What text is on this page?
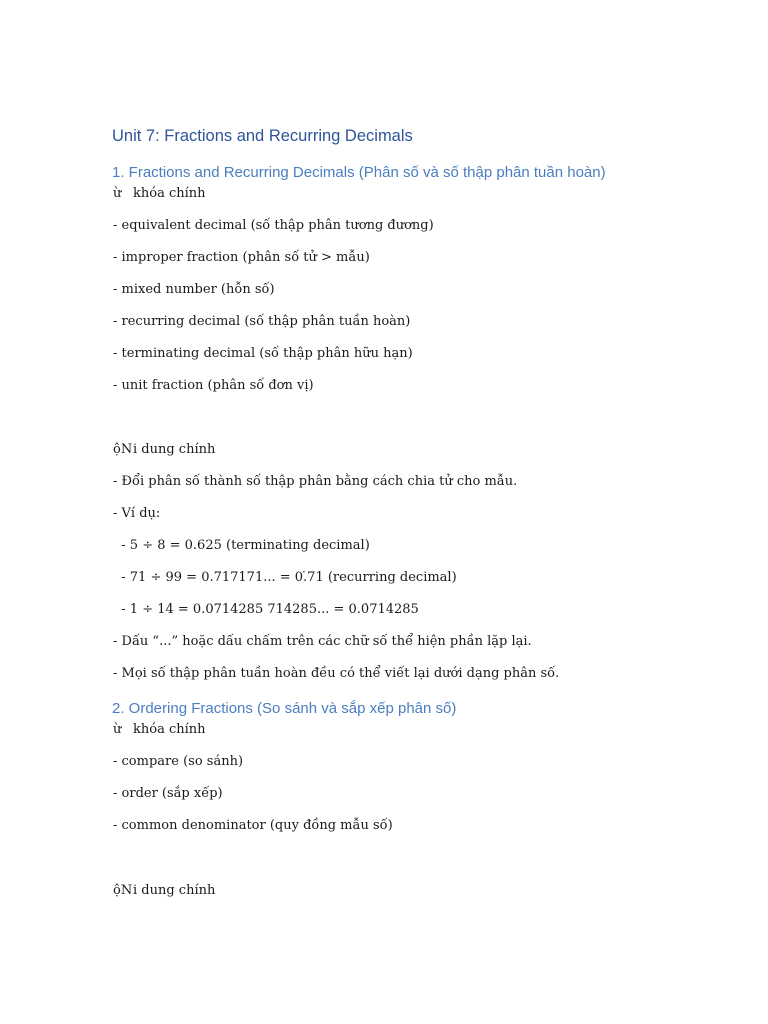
Unit 7: Fractions and Recurring Decimals
1. Fractions and Recurring Decimals (Phân số và số thập phân tuần hoàn)
ừ khóa chính
- equivalent decimal (số thập phân tương đương)
- improper fraction (phân số tử > mẫu)
- mixed number (hỗn số)
- recurring decimal (số thập phân tuần hoàn)
- terminating decimal (số thập phân hữu hạn)
- unit fraction (phân số đơn vị)
ộNi dung chính
- Đổi phân số thành số thập phân bằng cách chia tử cho mẫu.
- Ví dụ:
- 5 ÷ 8 = 0.625 (terminating decimal)
- 71 ÷ 99 = 0.717171... = 0.̇71 (recurring decimal)
- 1 ÷ 14 = 0.0714285 714285... = 0.0̇714285
- Dấu “...” hoặc dấu chấm trên các chữ số thể hiện phần lặp lại.
- Mọi số thập phân tuần hoàn đều có thể viết lại dưới dạng phân số.
2. Ordering Fractions (So sánh và sắp xếp phân số)
ừ khóa chính
- compare (so sánh)
- order (sắp xếp)
- common denominator (quy đồng mẫu số)
ộNi dung chính
